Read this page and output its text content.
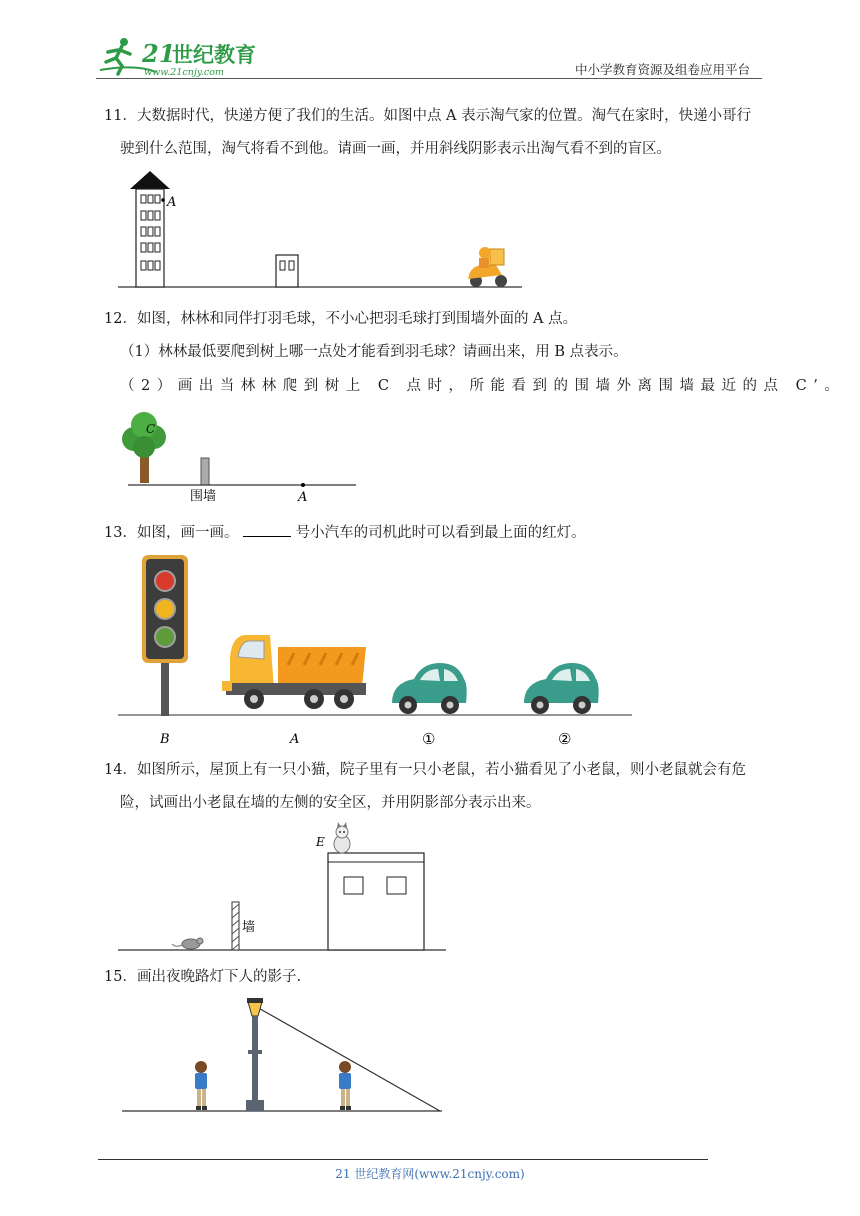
21
世纪教育
www.21cnjy.com	中小学教育资源及组卷应用平台
11．大数据时代，快递方便了我们的生活。如图中点 A 表示淘气家的位置。淘气在家时，快递小哥行
驶到什么范围，淘气将看不到他。请画一画，并用斜线阴影表示出淘气看不到的盲区。
A
12．如图，林林和同伴打羽毛球，不小心把羽毛球打到围墙外面的 A 点。
（1）林林最低要爬到树上哪一点处才能看到羽毛球？请画出来，用 B 点表示。
（2）画出当林林爬到树上 C 点时，所能看到的围墙外离围墙最近的点 C’。
C
围墙	A
13．如图，画一画。	号小汽车的司机此时可以看到最上面的红灯。
B	A	①	②
14．如图所示，屋顶上有一只小猫，院子里有一只小老鼠，若小猫看见了小老鼠，则小老鼠就会有危
险，试画出小老鼠在墙的左侧的安全区，并用阴影部分表示出来。
E
墙
15．画出夜晚路灯下人的影子.
21 世纪教育网(www.21cnjy.com)
